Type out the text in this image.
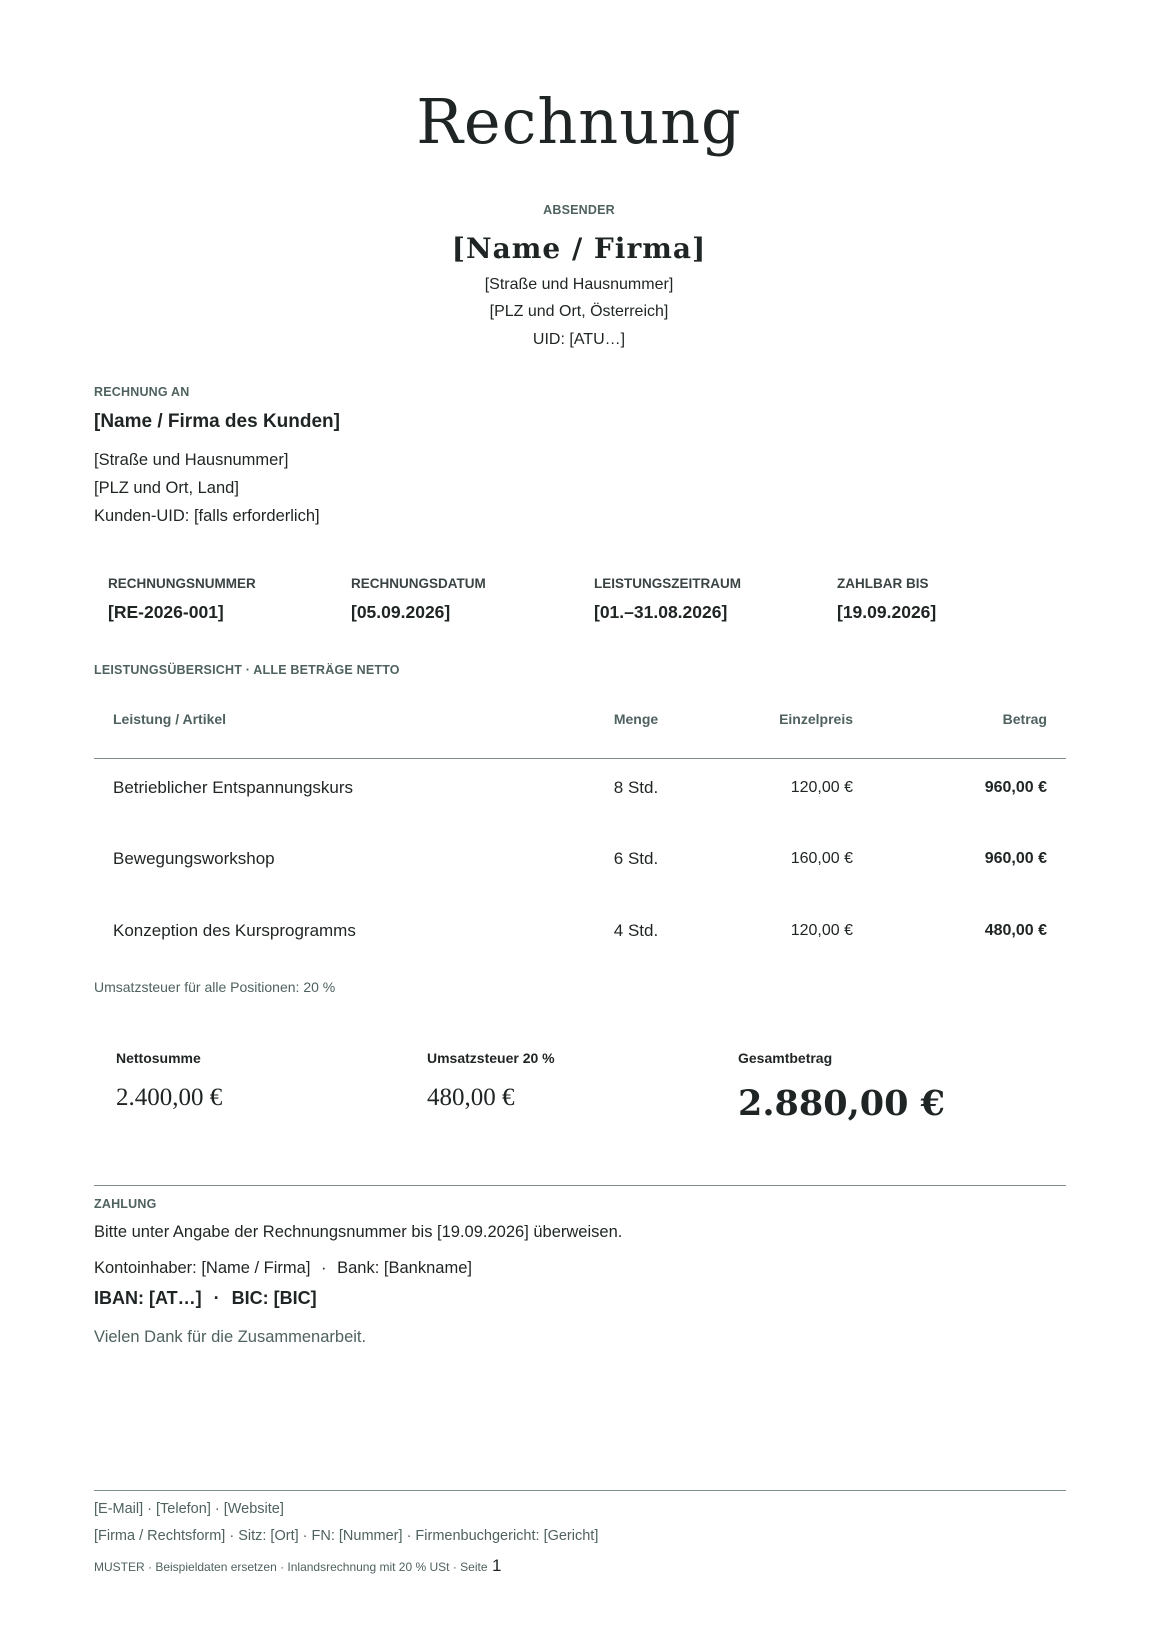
Rechnung
ABSENDER
[Name / Firma]
[Straße und Hausnummer]
[PLZ und Ort, Österreich]
UID: [ATU…]
RECHNUNG AN
[Name / Firma des Kunden]
[Straße und Hausnummer]
[PLZ und Ort, Land]
Kunden-UID: [falls erforderlich]
RECHNUNGSNUMMER
[RE-2026-001]
RECHNUNGSDATUM
[05.09.2026]
LEISTUNGSZEITRAUM
[01.–31.08.2026]
ZAHLBAR BIS
[19.09.2026]
LEISTUNGSÜBERSICHT · ALLE BETRÄGE NETTO
Leistung / Artikel	Menge	Einzelpreis	Betrag
Betrieblicher Entspannungskurs	8 Std.	120,00 €	960,00 €
Bewegungsworkshop	6 Std.	160,00 €	960,00 €
Konzeption des Kursprogramms	4 Std.	120,00 €	480,00 €
Umsatzsteuer für alle Positionen: 20 %
Nettosumme
2.400,00 €
Umsatzsteuer 20 %
480,00 €
Gesamtbetrag
2.880,00 €
ZAHLUNG
Bitte unter Angabe der Rechnungsnummer bis [19.09.2026] überweisen.
Kontoinhaber: [Name / Firma] · Bank: [Bankname]
IBAN: [AT…] · BIC: [BIC]
Vielen Dank für die Zusammenarbeit.
[E-Mail] · [Telefon] · [Website]
[Firma / Rechtsform] · Sitz: [Ort] · FN: [Nummer] · Firmenbuchgericht: [Gericht]
MUSTER · Beispieldaten ersetzen · Inlandsrechnung mit 20 % USt · Seite 1
